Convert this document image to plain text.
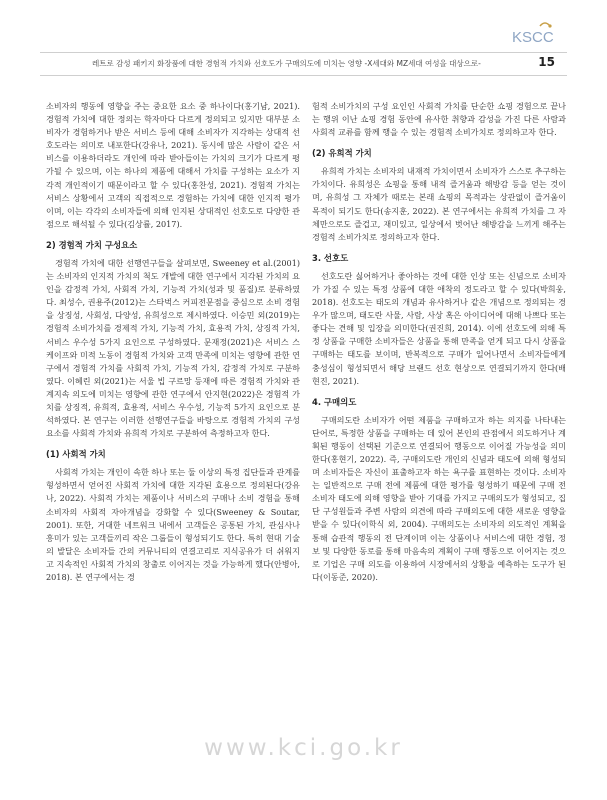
KSCC
레트로 감성 패키지 화장품에 대한 경험적 가치와 선호도가 구매의도에 미치는 영향 -X세대와 MZ세대 여성을 대상으로-	15

소비자의 행동에 영향을 주는 중요한 요소 중 하나이다(홍기남, 2021). 경험적 가치에 대한 정의는 학자마다 다르게 정의되고 있지만 대부분 소비자가 경험하거나 받은 서비스 등에 대해 소비자가 지각하는 상대적 선호도라는 의미로 내포한다(강유나, 2021). 동시에 많은 사람이 같은 서비스를 이용하더라도 개인에 따라 받아들이는 가치의 크기가 다르게 평가될 수 있으며, 이는 하나의 제품에 대해서 가치를 구성하는 요소가 지각적 개인적이기 때문이라고 할 수 있다(홍찬성, 2021). 경험적 가치는 서비스 상황에서 고객의 직접적으로 경험하는 가치에 대한 인지적 평가이며, 이는 각각의 소비자들에 의해 인지된 상대적인 선호도로 다양한 관점으로 해석될 수 있다(김상률, 2017).

2) 경험적 가치 구성요소

경험적 가치에 대한 선행연구들을 살펴보면, Sweeney et al.(2001)는 소비자의 인지적 가치의 척도 개발에 대한 연구에서 지각된 가치의 요인을 감정적 가치, 사회적 가치, 기능적 가치(성과 및 품질)로 분류하였다. 최성수, 권용주(2012)는 스타벅스 커피전문점을 중심으로 소비 경험을 상징성, 사회성, 다양성, 유희성으로 제시하였다. 이승민 외(2019)는 경험적 소비가치를 경제적 가치, 기능적 가치, 효용적 가치, 상징적 가치, 서비스 우수성 5가지 요인으로 구성하였다. 문재정(2021)은 서비스 스케이프와 미적 노동이 경험적 가치와 고객 만족에 미치는 영향에 관한 연구에서 경험적 가치를 사회적 가치, 기능적 가치, 감정적 가치로 구분하였다. 이혜린 외(2021)는 서울 빕 구르망 등재에 따른 경험적 가치와 관계지속 의도에 미치는 영향에 관한 연구에서 안지현(2022)은 경험적 가치를 상징적, 유희적, 효용적, 서비스 우수성, 기능적 5가지 요인으로 분석하였다. 본 연구는 이러한 선행연구들을 바탕으로 경험적 가치의 구성요소를 사회적 가치와 유희적 가치로 구분하여 측정하고자 한다.

(1) 사회적 가치

사회적 가치는 개인이 속한 하나 또는 둘 이상의 특정 집단들과 관계를 형성하면서 얻어진 사회적 가치에 대한 지각된 효용으로 정의된다(강유나, 2022). 사회적 가치는 제품이나 서비스의 구매나 소비 경험을 통해 소비자의 사회적 자아개념을 강화할 수 있다(Sweeney & Soutar, 2001). 또한, 거대한 네트워크 내에서 고객들은 공통된 가치, 관심사나 흥미가 있는 고객들끼리 작은 그룹들이 형성되기도 한다. 특히 현대 기술의 발달은 소비자들 간의 커뮤니티의 연결고리로 지식공유가 더 쉬워지고 지속적인 사회적 가치의 창출로 이어지는 것을 가능하게 했다(안병아, 2018). 본 연구에서는 경

험적 소비가치의 구성 요인인 사회적 가치를 단순한 쇼핑 경험으로 끝나는 행위 이난 쇼핑 경험 동안에 유사한 취향과 감성을 가진 다른 사람과 사회적 교류를 함께 행을 수 있는 경험적 소비가치로 정의하고자 한다.

(2) 유희적 가치

유희적 가치는 소비자의 내재적 가치이면서 소비자가 스스로 추구하는 가치이다. 유희성은 쇼핑을 통해 내적 즐거움과 해방감 등을 얻는 것이며, 유희성 그 자체가 때로는 본래 쇼핑의 목적과는 상관없이 즐거움이 목적이 되기도 한다(송지훈, 2022). 본 연구에서는 유희적 가치를 그 자체만으로도 즐겁고, 재미있고, 일상에서 벗어난 해방감을 느끼게 해주는 경험적 소비가치로 정의하고자 한다.

3. 선호도

선호도란 싫어하거나 좋아하는 것에 대한 인상 또는 신념으로 소비자가 가질 수 있는 특정 상품에 대한 애착의 정도라고 할 수 있다(박희웅, 2018). 선호도는 태도의 개념과 유사하거나 같은 개념으로 정의되는 경우가 많으며, 태도란 사물, 사람, 사상 혹은 아이디어에 대해 나쁘다 또는 좋다는 견해 및 입장을 의미한다(권진희, 2014). 이에 선호도에 의해 특정 상품을 구매한 소비자들은 상품을 통해 만족을 얻게 되고 다시 상품을 구매하는 태도를 보이며, 반복적으로 구매가 일어나면서 소비자들에게 충성심이 형성되면서 해당 브랜드 선호 현상으로 연결되기까지 한다(배현진, 2021).

4. 구매의도

구매의도란 소비자가 어떤 제품을 구매하고자 하는 의지를 나타내는 단어로, 특정한 상품을 구매하는 데 있어 본인의 관점에서 의도하거나 계획된 행동이 선택된 기준으로 연결되어 행동으로 이어질 가능성을 의미한다(홍현기, 2022). 즉, 구매의도란 개인의 신념과 태도에 의해 형성되며 소비자들은 자신이 표출하고자 하는 욕구를 표현하는 것이다. 소비자는 일반적으로 구매 전에 제품에 대한 평가를 형성하기 때문에 구매 전 소비자 태도에 의해 영향을 받아 기대를 가지고 구매의도가 형성되고, 집단 구성원들과 주변 사람의 의견에 따라 구매의도에 대한 새로운 영향을 받을 수 있다(이학식 외, 2004). 구매의도는 소비자의 의도적인 계획을 통해 습관적 행동의 전 단계이며 이는 상품이나 서비스에 대한 경험, 정보 및 다양한 동로를 통해 마음속의 계획이 구매 행동으로 이어지는 것으로 기업은 구매 의도를 이용하여 시장에서의 상황을 예측하는 도구가 된다(이동준, 2020).

www.kci.go.kr
